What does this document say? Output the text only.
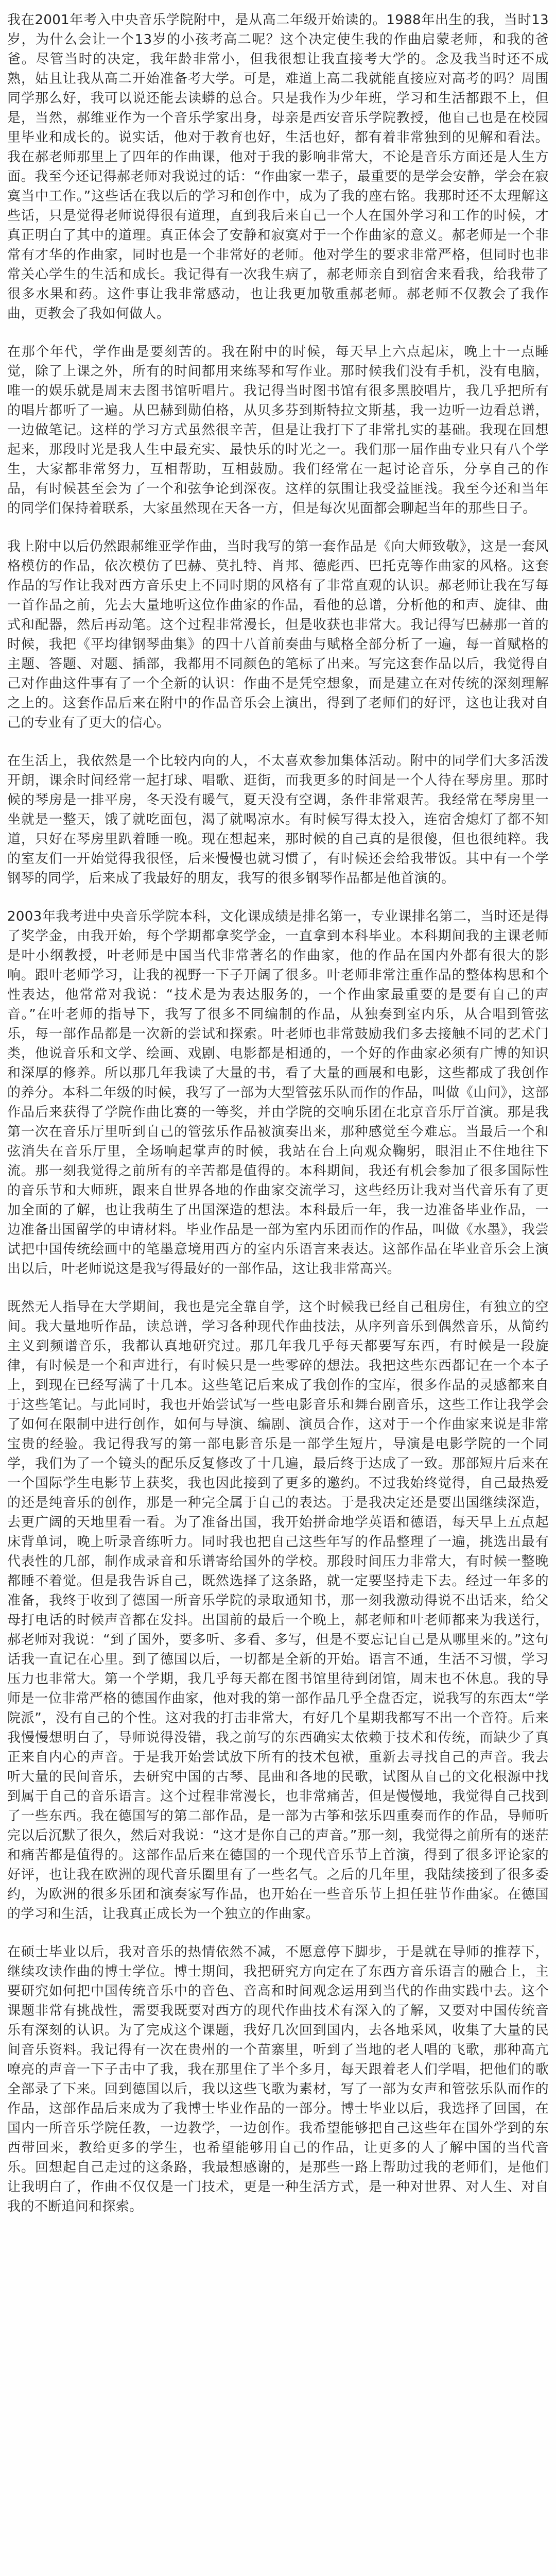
我在2001年考入中央音乐学院附中，是从高二年级开始读的。1988年出生的我，当时13岁，为什么会让一个13岁的小孩考高二呢？这个决定使生我的作曲启蒙老师，和我的爸爸。尽管当时的决定，我年龄非常小，但我很想让我直接考大学的。念及我当时还不成熟，姑且让我从高二开始准备考大学。可是，难道上高二我就能直接应对高考的吗？周围同学那么好，我可以说还能去读蟒的总合。只是我作为少年班，学习和生活都跟不上，但是，当然，郝维亚作为一个音乐学家出身，母亲是西安音乐学院教授，他自己也是在校园里毕业和成长的。说实话，他对于教育也好，生活也好，都有着非常独到的见解和看法。我在郝老师那里上了四年的作曲课，他对于我的影响非常大，不论是音乐方面还是人生方面。我至今还记得郝老师对我说过的话：“作曲家一辈子，最重要的是学会安静，学会在寂寞当中工作。”这些话在我以后的学习和创作中，成为了我的座右铭。我那时还不太理解这些话，只是觉得老师说得很有道理，直到我后来自己一个人在国外学习和工作的时候，才真正明白了其中的道理。真正体会了安静和寂寞对于一个作曲家的意义。郝老师是一个非常有才华的作曲家，同时也是一个非常好的老师。他对学生的要求非常严格，但同时也非常关心学生的生活和成长。我记得有一次我生病了，郝老师亲自到宿舍来看我，给我带了很多水果和药。这件事让我非常感动，也让我更加敬重郝老师。郝老师不仅教会了我作曲，更教会了我如何做人。

在那个年代，学作曲是要刻苦的。我在附中的时候，每天早上六点起床，晚上十一点睡觉，除了上课之外，所有的时间都用来练琴和写作业。那时候我们没有手机，没有电脑，唯一的娱乐就是周末去图书馆听唱片。我记得当时图书馆有很多黑胶唱片，我几乎把所有的唱片都听了一遍。从巴赫到勋伯格，从贝多芬到斯特拉文斯基，我一边听一边看总谱，一边做笔记。这样的学习方式虽然很辛苦，但是让我打下了非常扎实的基础。我现在回想起来，那段时光是我人生中最充实、最快乐的时光之一。我们那一届作曲专业只有八个学生，大家都非常努力，互相帮助，互相鼓励。我们经常在一起讨论音乐，分享自己的作品，有时候甚至会为了一个和弦争论到深夜。这样的氛围让我受益匪浅。我至今还和当年的同学们保持着联系，大家虽然现在天各一方，但是每次见面都会聊起当年的那些日子。

我上附中以后仍然跟郝维亚学作曲，当时我写的第一套作品是《向大师致敬》，这是一套风格模仿的作品，依次模仿了巴赫、莫扎特、肖邦、德彪西、巴托克等作曲家的风格。这套作品的写作让我对西方音乐史上不同时期的风格有了非常直观的认识。郝老师让我在写每一首作品之前，先去大量地听这位作曲家的作品，看他的总谱，分析他的和声、旋律、曲式和配器，然后再动笔。这个过程非常漫长，但是收获也非常大。我记得写巴赫那一首的时候，我把《平均律钢琴曲集》的四十八首前奏曲与赋格全部分析了一遍，每一首赋格的主题、答题、对题、插部，我都用不同颜色的笔标了出来。写完这套作品以后，我觉得自己对作曲这件事有了一个全新的认识：作曲不是凭空想象，而是建立在对传统的深刻理解之上的。这套作品后来在附中的作品音乐会上演出，得到了老师们的好评，这也让我对自己的专业有了更大的信心。

在生活上，我依然是一个比较内向的人，不太喜欢参加集体活动。附中的同学们大多活泼开朗，课余时间经常一起打球、唱歌、逛街，而我更多的时间是一个人待在琴房里。那时候的琴房是一排平房，冬天没有暖气，夏天没有空调，条件非常艰苦。我经常在琴房里一坐就是一整天，饿了就吃面包，渴了就喝凉水。有时候写得太投入，连宿舍熄灯了都不知道，只好在琴房里趴着睡一晚。现在想起来，那时候的自己真的是很傻，但也很纯粹。我的室友们一开始觉得我很怪，后来慢慢也就习惯了，有时候还会给我带饭。其中有一个学钢琴的同学，后来成了我最好的朋友，我写的很多钢琴作品都是他首演的。

2003年我考进中央音乐学院本科，文化课成绩是排名第一，专业课排名第二，当时还是得了奖学金，由我开始，每个学期都拿奖学金，一直拿到本科毕业。本科期间我的主课老师是叶小纲教授，叶老师是中国当代非常著名的作曲家，他的作品在国内外都有很大的影响。跟叶老师学习，让我的视野一下子开阔了很多。叶老师非常注重作品的整体构思和个性表达，他常常对我说：“技术是为表达服务的，一个作曲家最重要的是要有自己的声音。”在叶老师的指导下，我写了很多不同编制的作品，从独奏到室内乐，从合唱到管弦乐，每一部作品都是一次新的尝试和探索。叶老师也非常鼓励我们多去接触不同的艺术门类，他说音乐和文学、绘画、戏剧、电影都是相通的，一个好的作曲家必须有广博的知识和深厚的修养。所以那几年我读了大量的书，看了大量的画展和电影，这些都成了我创作的养分。本科二年级的时候，我写了一部为大型管弦乐队而作的作品，叫做《山问》，这部作品后来获得了学院作曲比赛的一等奖，并由学院的交响乐团在北京音乐厅首演。那是我第一次在音乐厅里听到自己的管弦乐作品被演奏出来，那种感觉至今难忘。当最后一个和弦消失在音乐厅里，全场响起掌声的时候，我站在台上向观众鞠躬，眼泪止不住地往下流。那一刻我觉得之前所有的辛苦都是值得的。本科期间，我还有机会参加了很多国际性的音乐节和大师班，跟来自世界各地的作曲家交流学习，这些经历让我对当代音乐有了更加全面的了解，也让我萌生了出国深造的想法。本科最后一年，我一边准备毕业作品，一边准备出国留学的申请材料。毕业作品是一部为室内乐团而作的作品，叫做《水墨》，我尝试把中国传统绘画中的笔墨意境用西方的室内乐语言来表达。这部作品在毕业音乐会上演出以后，叶老师说这是我写得最好的一部作品，这让我非常高兴。

既然无人指导在大学期间，我也是完全靠自学，这个时候我已经自己租房住，有独立的空间。我大量地听作品，读总谱，学习各种现代作曲技法，从序列音乐到偶然音乐，从简约主义到频谱音乐，我都认真地研究过。那几年我几乎每天都要写东西，有时候是一段旋律，有时候是一个和声进行，有时候只是一些零碎的想法。我把这些东西都记在一个本子上，到现在已经写满了十几本。这些笔记后来成了我创作的宝库，很多作品的灵感都来自于这些笔记。与此同时，我也开始尝试写一些电影音乐和舞台剧音乐，这些工作让我学会了如何在限制中进行创作，如何与导演、编剧、演员合作，这对于一个作曲家来说是非常宝贵的经验。我记得我写的第一部电影音乐是一部学生短片，导演是电影学院的一个同学，我们为了一个镜头的配乐反复修改了十几遍，最后终于达成了一致。那部短片后来在一个国际学生电影节上获奖，我也因此接到了更多的邀约。不过我始终觉得，自己最热爱的还是纯音乐的创作，那是一种完全属于自己的表达。于是我决定还是要出国继续深造，去更广阔的天地里看一看。为了准备出国，我开始拼命地学英语和德语，每天早上五点起床背单词，晚上听录音练听力。同时我也把自己这些年写的作品整理了一遍，挑选出最有代表性的几部，制作成录音和乐谱寄给国外的学校。那段时间压力非常大，有时候一整晚都睡不着觉。但是我告诉自己，既然选择了这条路，就一定要坚持走下去。经过一年多的准备，我终于收到了德国一所音乐学院的录取通知书，那一刻我激动得说不出话来，给父母打电话的时候声音都在发抖。出国前的最后一个晚上，郝老师和叶老师都来为我送行，郝老师对我说：“到了国外，要多听、多看、多写，但是不要忘记自己是从哪里来的。”这句话我一直记在心里。到了德国以后，一切都是全新的开始。语言不通，生活不习惯，学习压力也非常大。第一个学期，我几乎每天都在图书馆里待到闭馆，周末也不休息。我的导师是一位非常严格的德国作曲家，他对我的第一部作品几乎全盘否定，说我写的东西太“学院派”，没有自己的个性。这对我的打击非常大，有好几个星期我都写不出一个音符。后来我慢慢想明白了，导师说得没错，我之前写的东西确实太依赖于技术和传统，而缺少了真正来自内心的声音。于是我开始尝试放下所有的技术包袱，重新去寻找自己的声音。我去听大量的民间音乐，去研究中国的古琴、昆曲和各地的民歌，试图从自己的文化根源中找到属于自己的音乐语言。这个过程非常漫长，也非常痛苦，但是慢慢地，我觉得自己找到了一些东西。我在德国写的第二部作品，是一部为古筝和弦乐四重奏而作的作品，导师听完以后沉默了很久，然后对我说：“这才是你自己的声音。”那一刻，我觉得之前所有的迷茫和痛苦都是值得的。这部作品后来在德国的一个现代音乐节上首演，得到了很多评论家的好评，也让我在欧洲的现代音乐圈里有了一些名气。之后的几年里，我陆续接到了很多委约，为欧洲的很多乐团和演奏家写作品，也开始在一些音乐节上担任驻节作曲家。在德国的学习和生活，让我真正成长为一个独立的作曲家。

在硕士毕业以后，我对音乐的热情依然不减，不愿意停下脚步，于是就在导师的推荐下，继续攻读作曲的博士学位。博士期间，我把研究方向定在了东西方音乐语言的融合上，主要研究如何把中国传统音乐中的音色、音高和时间观念运用到当代的作曲实践中去。这个课题非常有挑战性，需要我既要对西方的现代作曲技术有深入的了解，又要对中国传统音乐有深刻的认识。为了完成这个课题，我好几次回到国内，去各地采风，收集了大量的民间音乐资料。我记得有一次在贵州的一个苗寨里，听到了当地的老人唱的飞歌，那种高亢嘹亮的声音一下子击中了我，我在那里住了半个多月，每天跟着老人们学唱，把他们的歌全部录了下来。回到德国以后，我以这些飞歌为素材，写了一部为女声和管弦乐队而作的作品，这部作品后来成为了我博士毕业作品的一部分。博士毕业以后，我选择了回国，在国内一所音乐学院任教，一边教学，一边创作。我希望能够把自己这些年在国外学到的东西带回来，教给更多的学生，也希望能够用自己的作品，让更多的人了解中国的当代音乐。回想起自己走过的这条路，我最想感谢的，是那些一路上帮助过我的老师们，是他们让我明白了，作曲不仅仅是一门技术，更是一种生活方式，是一种对世界、对人生、对自我的不断追问和探索。
